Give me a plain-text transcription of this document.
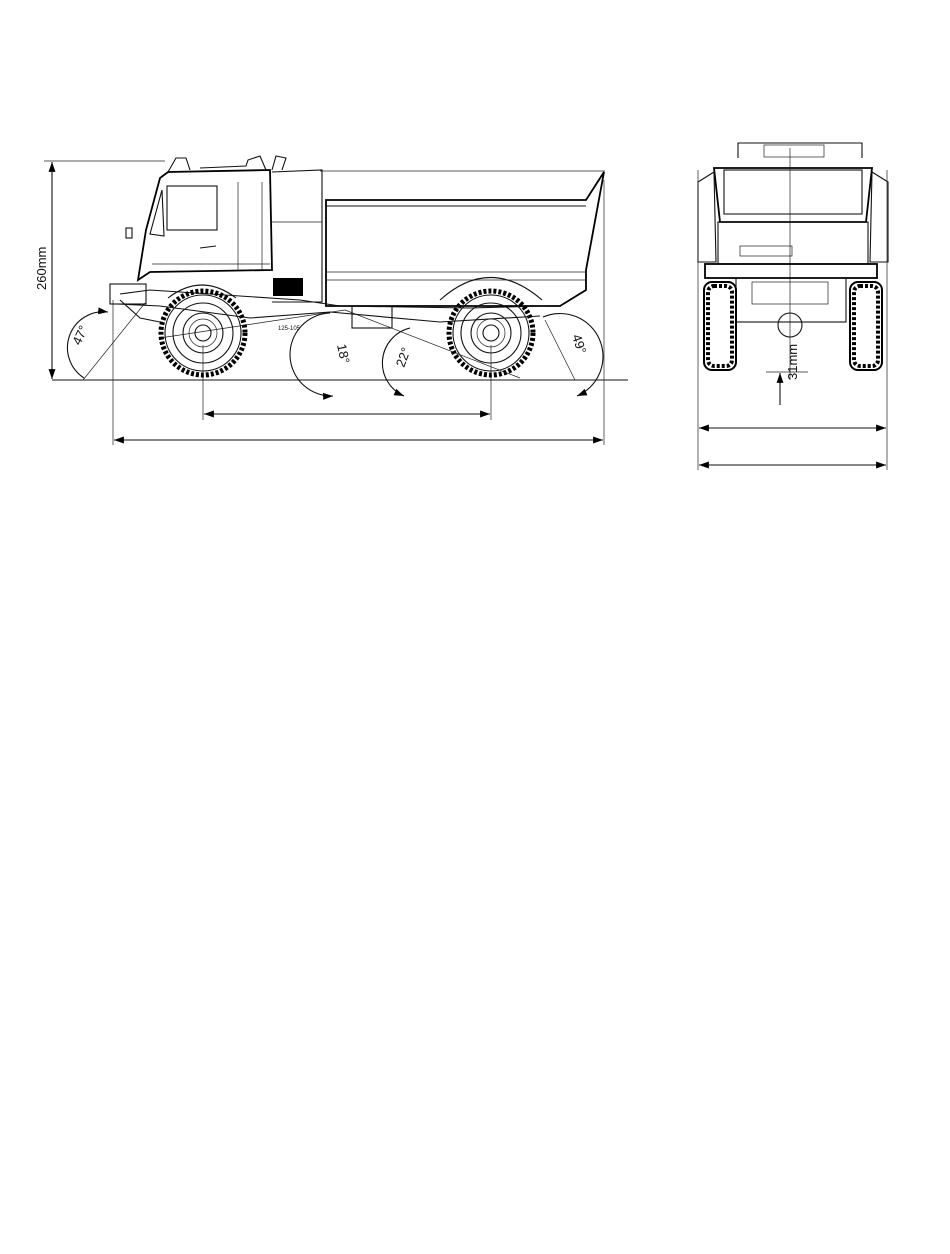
260mm
47°
18°	22°
49°
125-105
31mm
